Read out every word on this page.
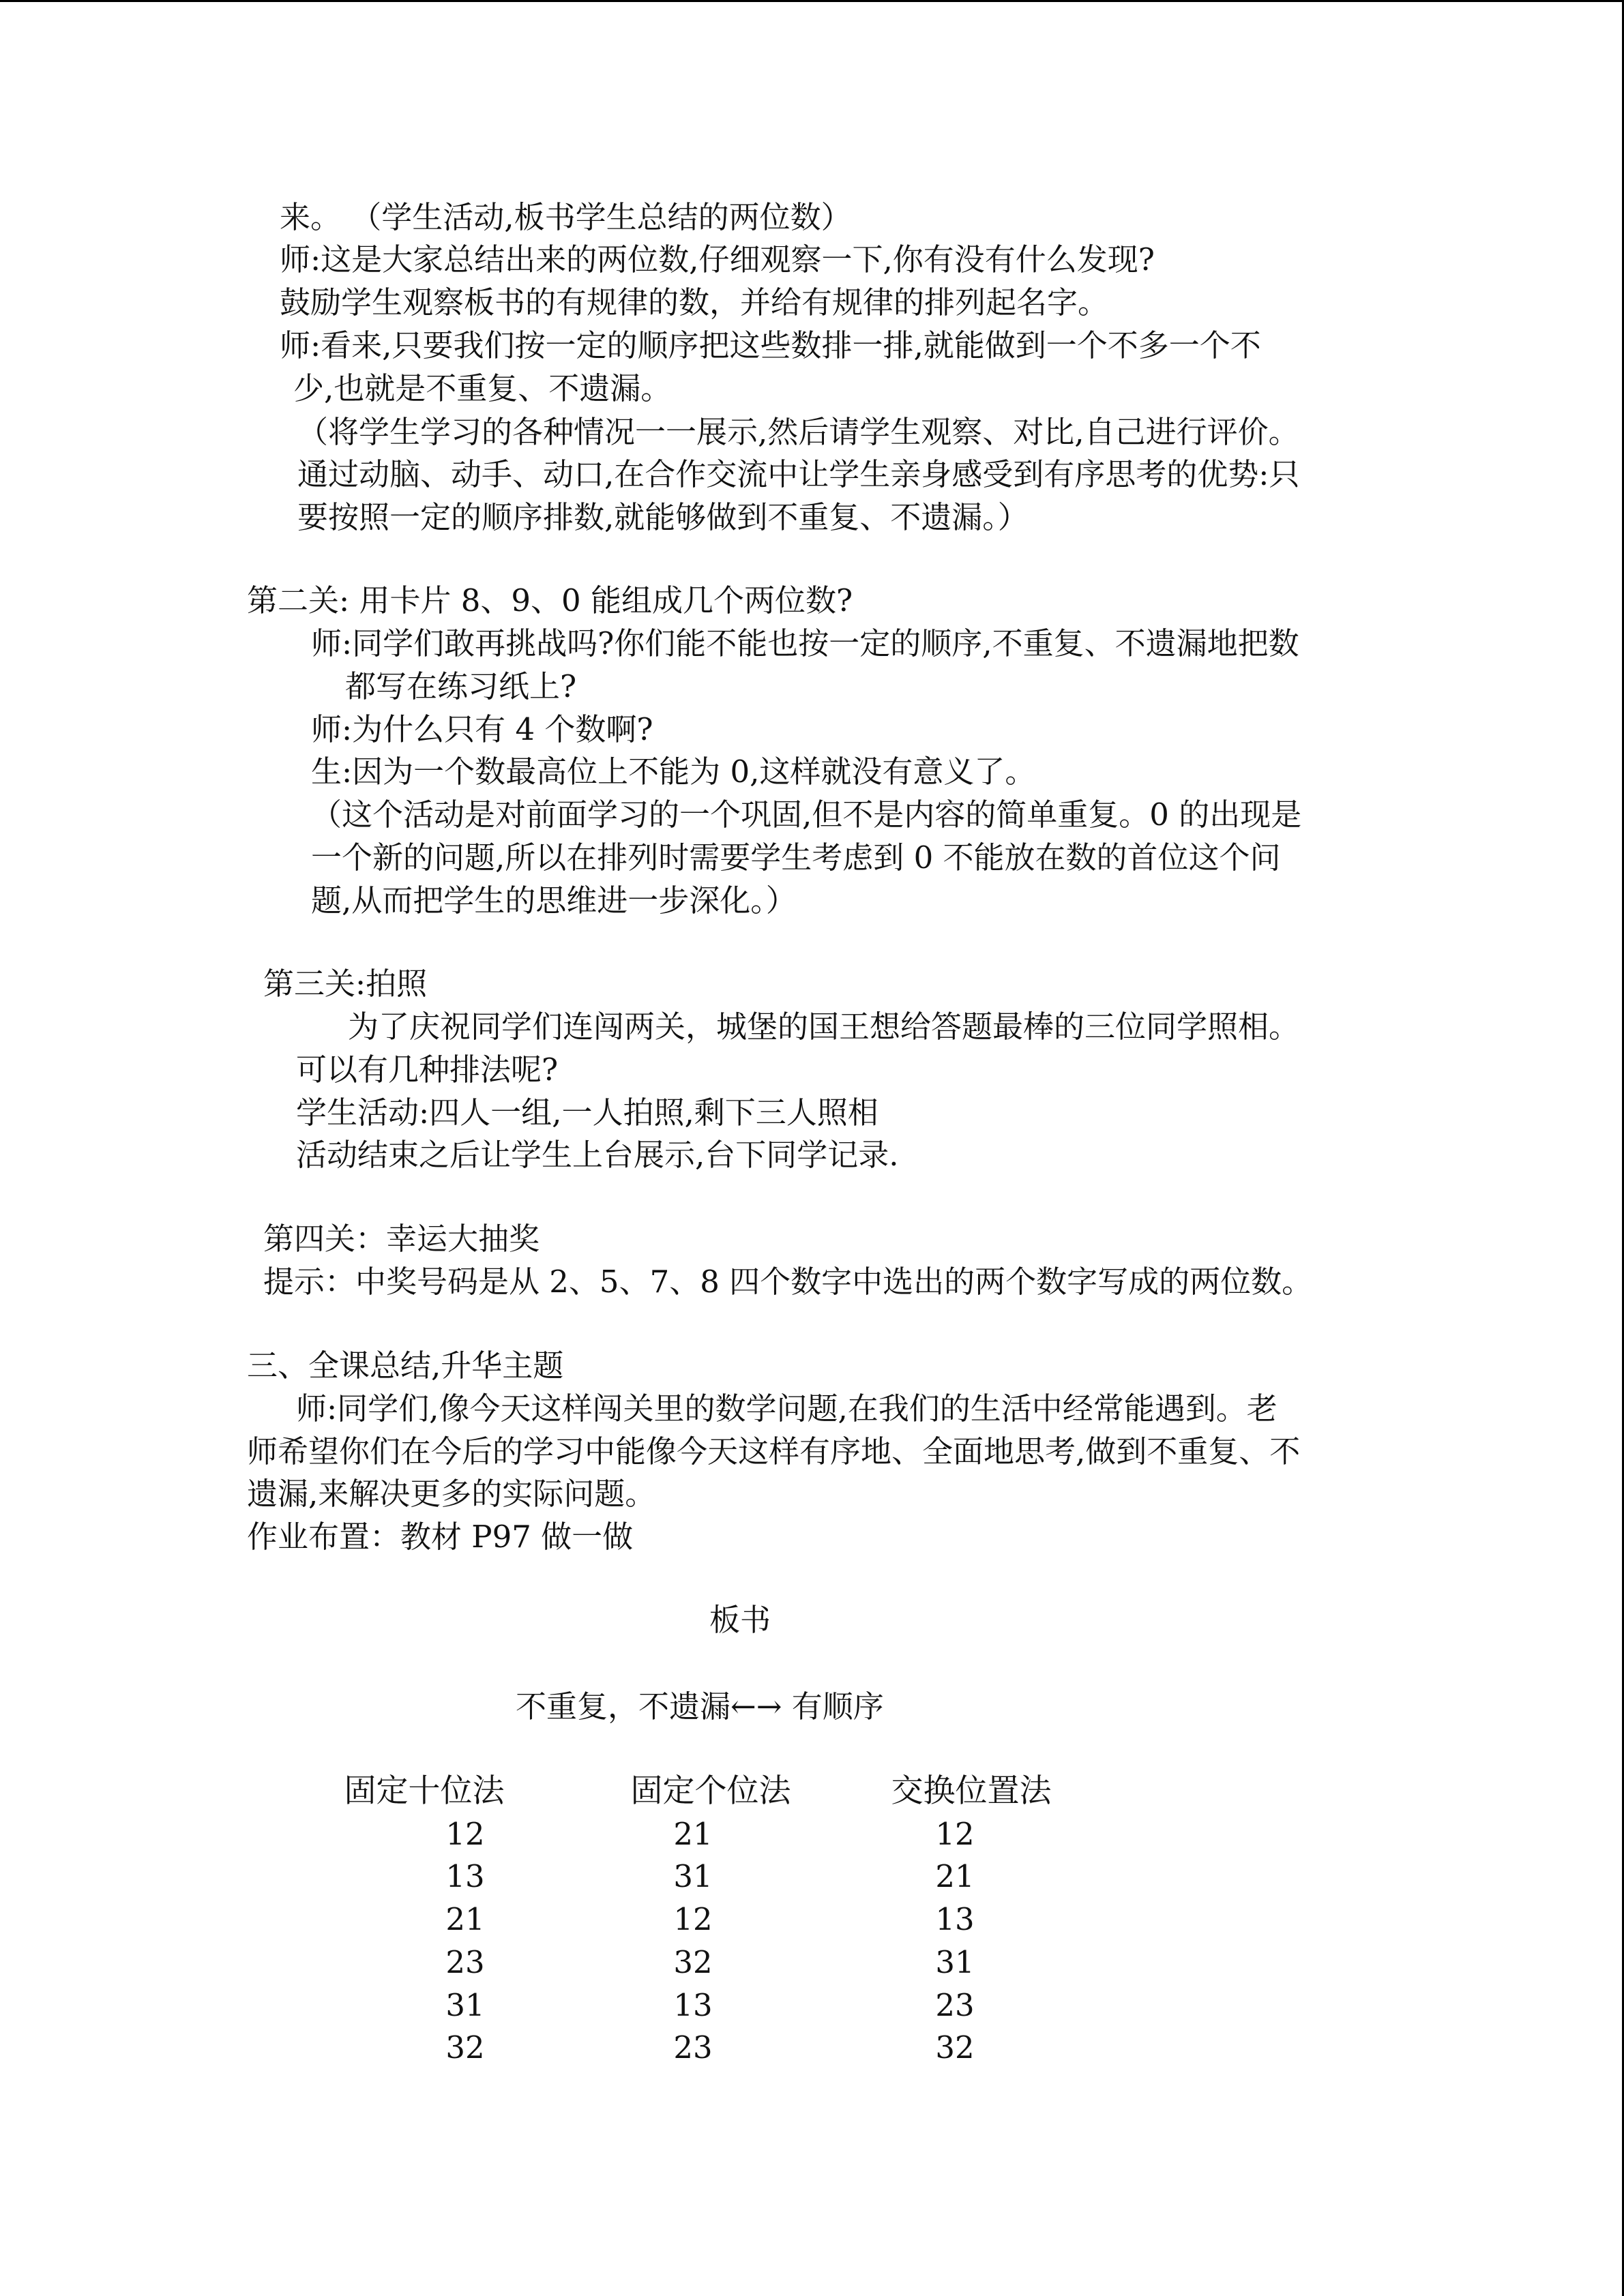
来。 （学生活动,板书学生总结的两位数）
师:这是大家总结出来的两位数,仔细观察一下,你有没有什么发现?
鼓励学生观察板书的有规律的数，并给有规律的排列起名字。
师:看来,只要我们按一定的顺序把这些数排一排,就能做到一个不多一个不
少,也就是不重复、不遗漏。
（将学生学习的各种情况一一展示,然后请学生观察、对比,自己进行评价。
通过动脑、动手、动口,在合作交流中让学生亲身感受到有序思考的优势:只
要按照一定的顺序排数,就能够做到不重复、不遗漏。）
第二关: 用卡片 8、9、0 能组成几个两位数?
师:同学们敢再挑战吗?你们能不能也按一定的顺序,不重复、不遗漏地把数
都写在练习纸上?
师:为什么只有 4 个数啊?
生:因为一个数最高位上不能为 0,这样就没有意义了。
（这个活动是对前面学习的一个巩固,但不是内容的简单重复。0 的出现是
一个新的问题,所以在排列时需要学生考虑到 0 不能放在数的首位这个问
题,从而把学生的思维进一步深化。）
第三关:拍照
为了庆祝同学们连闯两关，城堡的国王想给答题最棒的三位同学照相。
可以有几种排法呢?
学生活动:四人一组,一人拍照,剩下三人照相
活动结束之后让学生上台展示,台下同学记录.
第四关：幸运大抽奖
提示：中奖号码是从 2、5、7、8 四个数字中选出的两个数字写成的两位数。
三、全课总结,升华主题
师:同学们,像今天这样闯关里的数学问题,在我们的生活中经常能遇到。老
师希望你们在今后的学习中能像今天这样有序地、全面地思考,做到不重复、不
遗漏,来解决更多的实际问题。
作业布置：教材 P97 做一做
板书
不重复，不遗漏←→ 有顺序
固定十位法
12
13
21
23
31
32
固定个位法
21
31
12
32
13
23
交换位置法
12
21
13
31
23
32
